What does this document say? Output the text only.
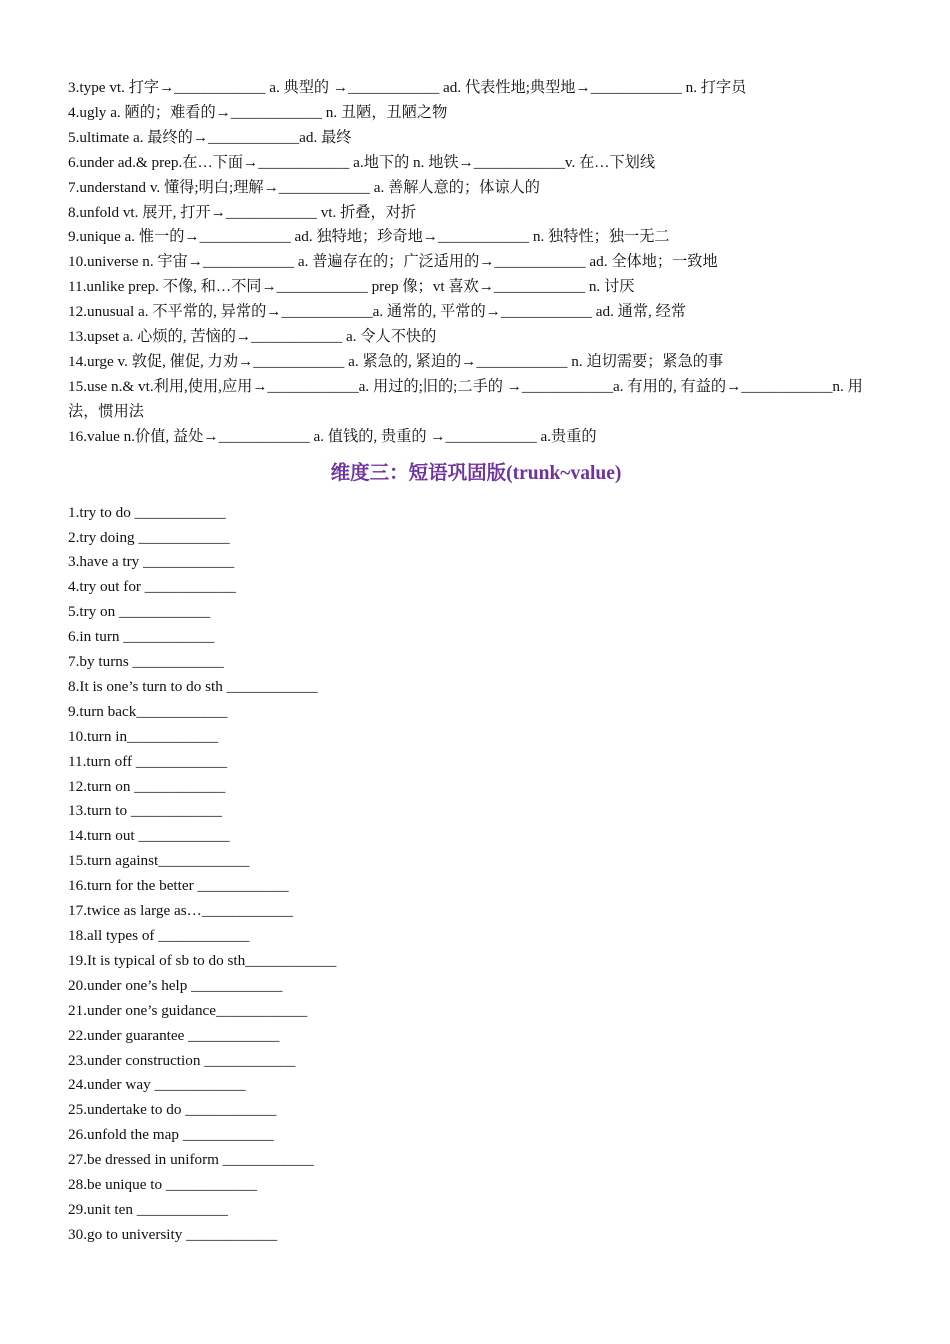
3.type vt. 打字→____________ a. 典型的 →____________ ad. 代表性地;典型地→____________ n. 打字员
4.ugly a. 陋的；难看的→____________ n. 丑陋，丑陋之物
5.ultimate a. 最终的→____________ad. 最终
6.under ad.& prep.在…下面→____________ a.地下的 n. 地铁→____________v. 在…下划线
7.understand v. 懂得;明白;理解→____________ a. 善解人意的；体谅人的
8.unfold vt. 展开, 打开→____________ vt. 折叠，对折
9.unique a. 惟一的→____________ ad. 独特地；珍奇地→____________ n. 独特性；独一无二
10.universe n. 宇宙→____________ a. 普遍存在的；广泛适用的→____________ ad. 全体地；一致地
11.unlike prep. 不像, 和…不同→____________ prep 像；vt 喜欢→____________ n. 讨厌
12.unusual a. 不平常的, 异常的→____________a. 通常的, 平常的→____________ ad. 通常, 经常
13.upset a. 心烦的, 苦恼的→____________ a. 令人不快的
14.urge v. 敦促, 催促, 力劝→____________ a. 紧急的, 紧迫的→____________ n. 迫切需要；紧急的事
15.use n.& vt.利用,使用,应用→____________a. 用过的;旧的;二手的 →____________a. 有用的, 有益的→____________n. 用法，惯用法
16.value n.价值, 益处→____________ a. 值钱的, 贵重的 →____________ a.贵重的
维度三：短语巩固版(trunk~value)
1.try to do ____________
2.try doing ____________
3.have a try ____________
4.try out for ____________
5.try on ____________
6.in turn ____________
7.by turns ____________
8.It is one’s turn to do sth ____________
9.turn back____________
10.turn in____________
11.turn off ____________
12.turn on ____________
13.turn to ____________
14.turn out ____________
15.turn against____________
16.turn for the better ____________
17.twice as large as…____________
18.all types of ____________
19.It is typical of sb to do sth____________
20.under one’s help ____________
21.under one’s guidance____________
22.under guarantee ____________
23.under construction ____________
24.under way ____________
25.undertake to do ____________
26.unfold the map ____________
27.be dressed in uniform ____________
28.be unique to ____________
29.unit ten ____________
30.go to university ____________
